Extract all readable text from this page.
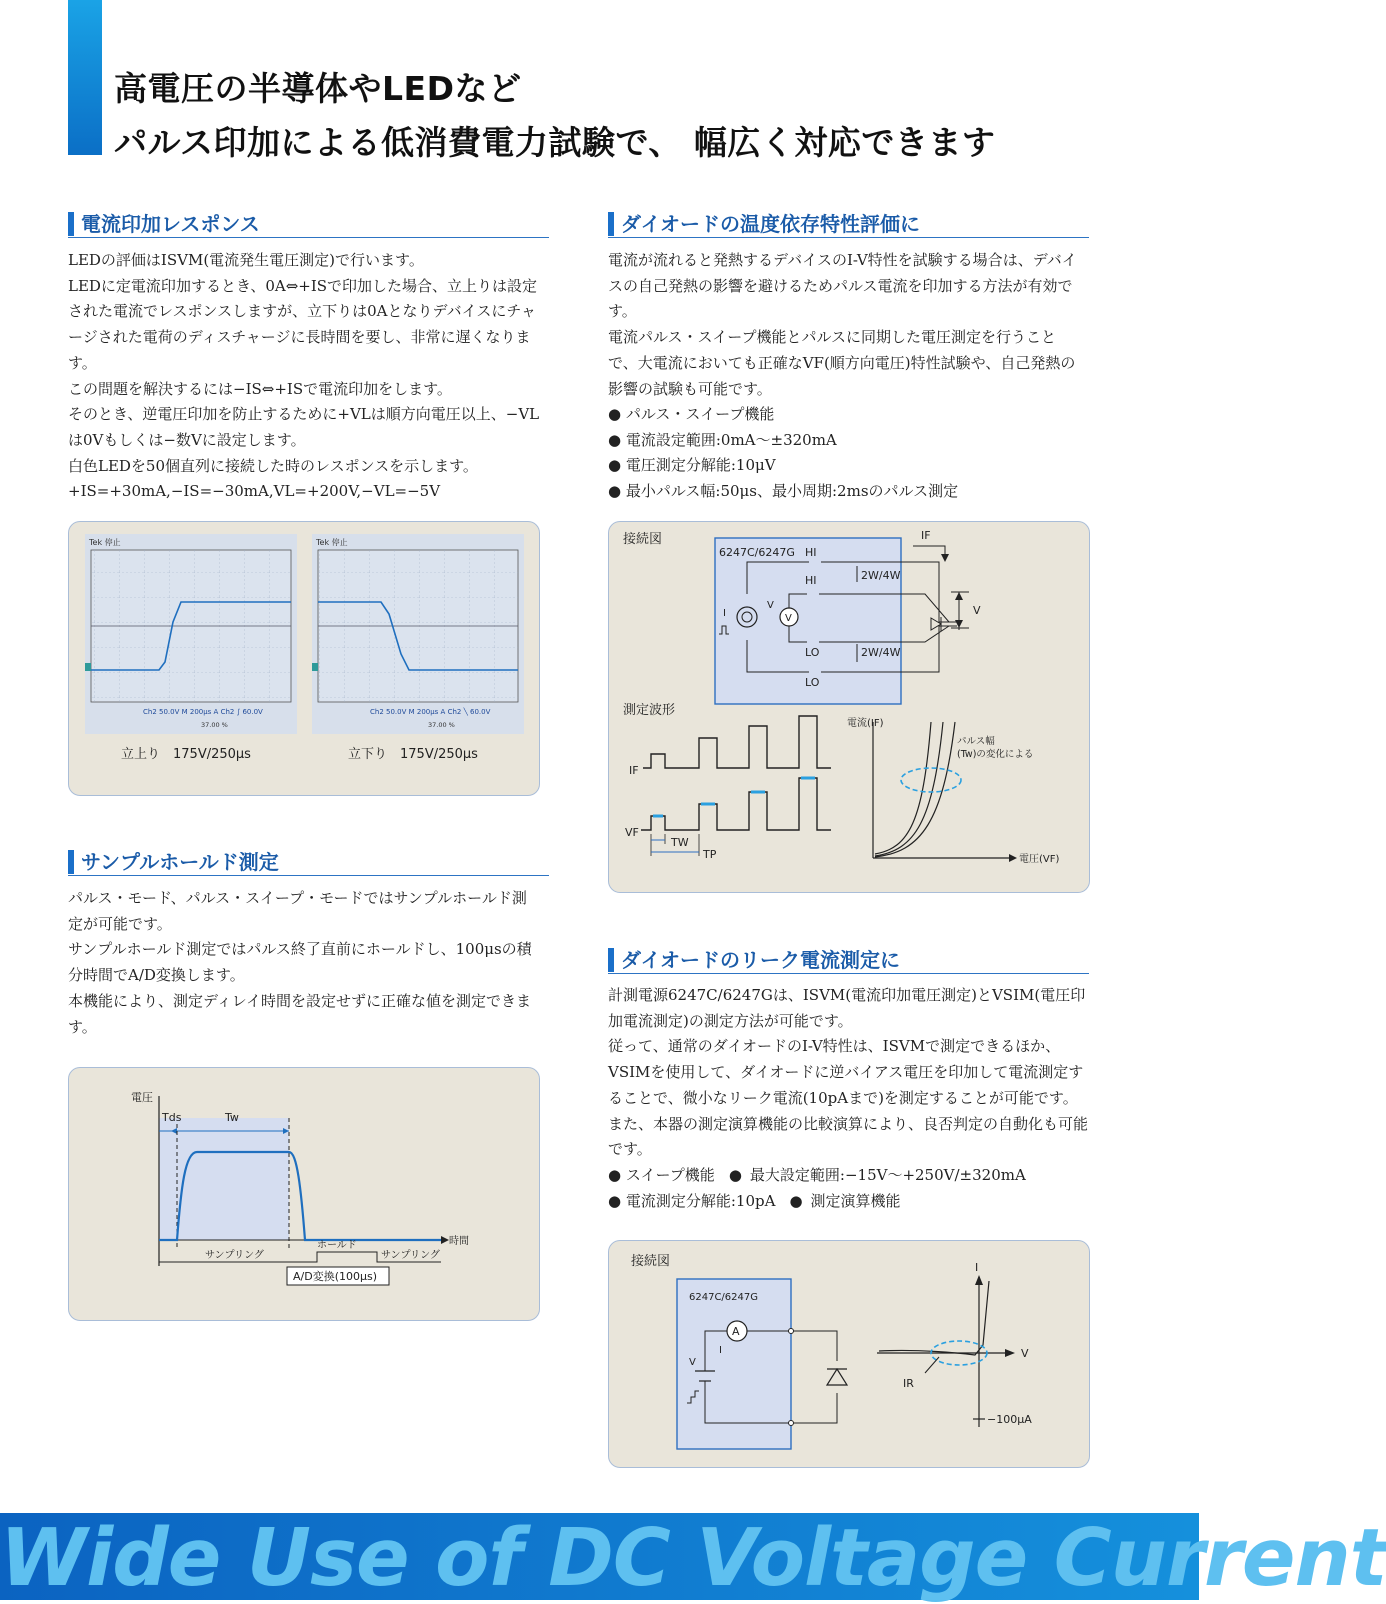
高電圧の半導体やLEDなど
パルス印加による低消費電力試験で、 幅広く対応できます
電流印加レスポンス

LEDの評価はISVM(電流発生電圧測定)で行います。

LEDに定電流印加するとき、0A⇔+ISで印加した場合、立上りは設定された電流でレスポンスしますが、立下りは0Aとなりデバイスにチャージされた電荷のディスチャージに長時間を要し、非常に遅くなります。

この問題を解決するには−IS⇔+ISで電流印加をします。

そのとき、逆電圧印加を防止するために+VLは順方向電圧以上、−VLは0Vもしくは−数Vに設定します。

白色LEDを50個直列に接続した時のレスポンスを示します。

+IS=+30mA,−IS=−30mA,VL=+200V,−VL=−5V

Tek 停止
Ch2 50.0V M 200μs A Ch2 ∫ 60.0V
37.00 %
立上り　175V/250μs
Tek 停止
Ch2 50.0V M 200μs A Ch2 ╲ 60.0V
37.00 %
立下り　175V/250μs
サンプルホールド測定

パルス・モード、パルス・スイープ・モードではサンプルホールド測定が可能です。

サンプルホールド測定ではパルス終了直前にホールドし、100μsの積分時間でA/D変換します。

本機能により、測定ディレイ時間を設定せずに正確な値を測定できます。

電圧
Tds	Tw
サンプリング
ホールド
サンプリング
時間
A/D変換(100μs)
ダイオードの温度依存特性評価に

電流が流れると発熱するデバイスのI-V特性を試験する場合は、デバイスの自己発熱の影響を避けるためパルス電流を印加する方法が有効です。

電流パルス・スイープ機能とパルスに同期した電圧測定を行うことで、大電流においても正確なVF(順方向電圧)特性試験や、自己発熱の影響の試験も可能です。

● パルス・スイープ機能
● 電流設定範囲:0mA〜±320mA
● 電圧測定分解能:10μV
● 最小パルス幅:50μs、最小周期:2msのパルス測定
接続図
6247C/6247G HI
V
I
V
HI
LO
LO
2W/4W
2W/4W
IF
V
測定波形
IF
VF
TW
TP
電流(IF)
電圧(VF)
パルス幅
(Tw)の変化による
ダイオードのリーク電流測定に

計測電源6247C/6247Gは、ISVM(電流印加電圧測定)とVSIM(電圧印加電流測定)の測定方法が可能です。

従って、通常のダイオードのI-V特性は、ISVMで測定できるほか、VSIMを使用して、ダイオードに逆バイアス電圧を印加して電流測定することで、微小なリーク電流(10pAまで)を測定することが可能です。

また、本器の測定演算機能の比較演算により、良否判定の自動化も可能です。

● スイープ機能 ● 最大設定範囲:−15V〜+250V/±320mA
● 電流測定分解能:10pA ● 測定演算機能
接続図
6247C/6247G
A
I
V
I
V
IR
−100μA
Wide Use of DC Voltage Current
